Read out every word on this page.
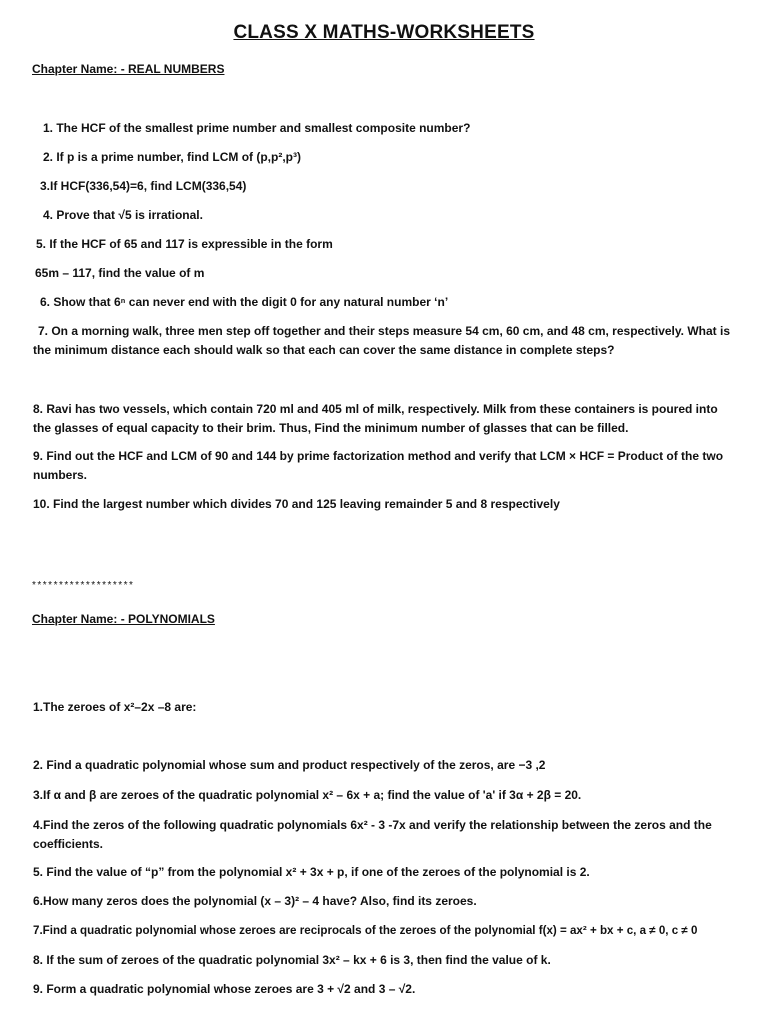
CLASS X MATHS-WORKSHEETS
Chapter Name: - REAL NUMBERS
1. The HCF of the smallest prime number and smallest composite number?
2. If p is a prime number, find LCM of (p,p²,p³)
3.If HCF(336,54)=6, find LCM(336,54)
4. Prove that √5 is irrational.
5. If the HCF of 65 and 117 is expressible in the form
65m – 117, find the value of m
6. Show that 6ⁿ can never end with the digit 0 for any natural number ‘n’
7. On a morning walk, three men step off together and their steps measure 54 cm, 60 cm, and 48 cm, respectively. What is the minimum distance each should walk so that each can cover the same distance in complete steps?
8. Ravi has two vessels, which contain 720 ml and 405 ml of milk, respectively. Milk from these containers is poured into the glasses of equal capacity to their brim. Thus, Find the minimum number of glasses that can be filled.
9. Find out the HCF and LCM of 90 and 144 by prime factorization method and verify that LCM × HCF = Product of the two numbers.
10. Find the largest number which divides 70 and 125 leaving remainder 5 and 8 respectively
*******************
Chapter Name: - POLYNOMIALS
1.The zeroes of x²–2x –8 are:
2. Find a quadratic polynomial whose sum and product respectively of the zeros, are −3 ,2
3.If α and β are zeroes of the quadratic polynomial x² – 6x + a; find the value of 'a' if 3α + 2β = 20.
4.Find the zeros of the following quadratic polynomials 6x² - 3 -7x and verify the relationship between the zeros and the coefficients.
5. Find the value of “p” from the polynomial x² + 3x + p, if one of the zeroes of the polynomial is 2.
6.How many zeros does the polynomial (x – 3)² – 4 have? Also, find its zeroes.
7.Find a quadratic polynomial whose zeroes are reciprocals of the zeroes of the polynomial f(x) = ax² + bx + c, a ≠ 0, c ≠ 0
8. If the sum of zeroes of the quadratic polynomial 3x² – kx + 6 is 3, then find the value of k.
9. Form a quadratic polynomial whose zeroes are 3 + √2 and 3 – √2.
